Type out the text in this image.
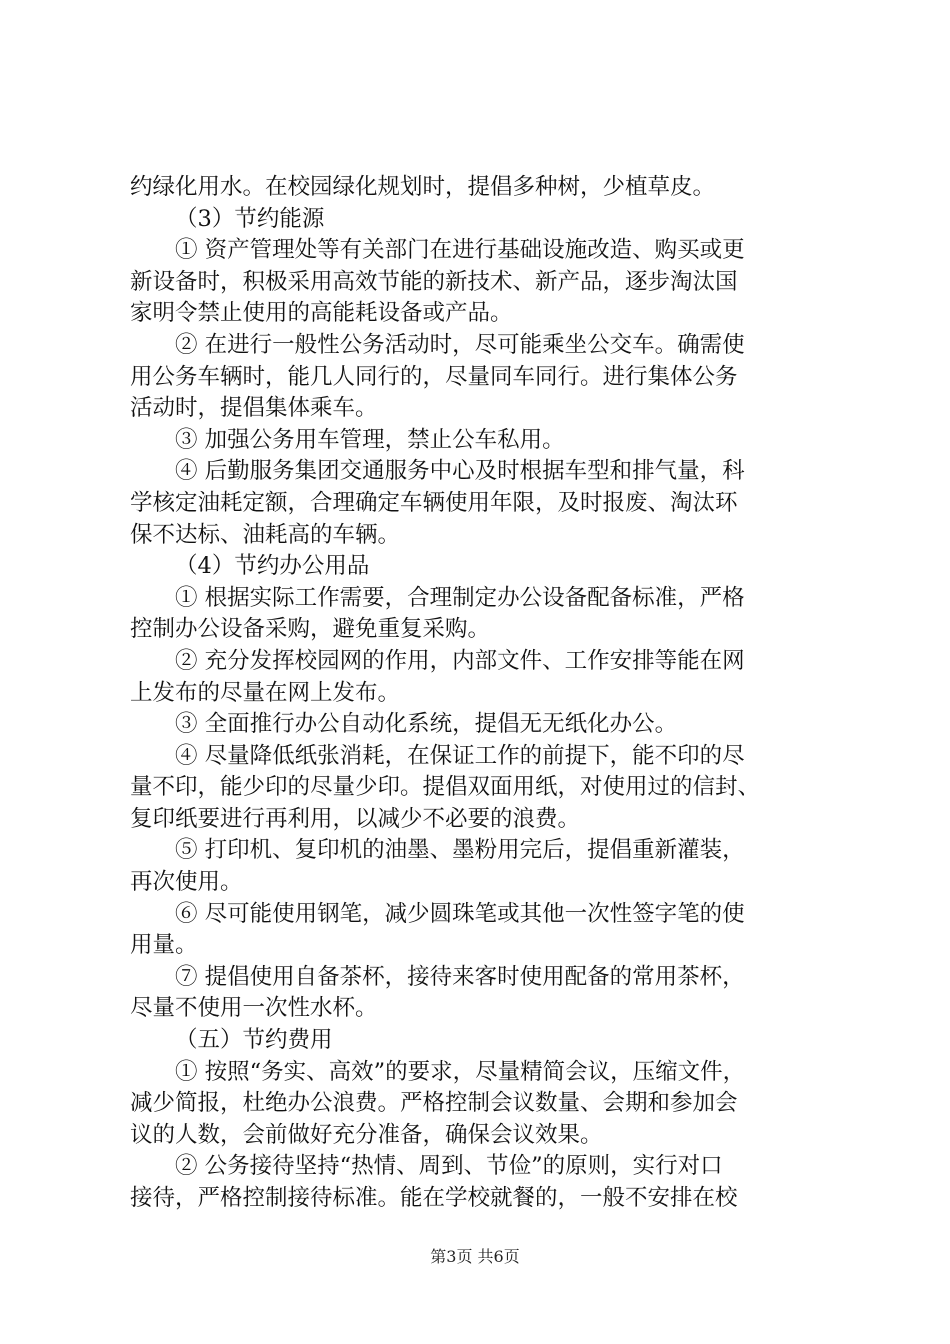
约绿化用水。在校园绿化规划时，提倡多种树，少植草皮。
（3）节约能源
① 资产管理处等有关部门在进行基础设施改造、购买或更
新设备时，积极采用高效节能的新技术、新产品，逐步淘汰国
家明令禁止使用的高能耗设备或产品。
② 在进行一般性公务活动时，尽可能乘坐公交车。确需使
用公务车辆时，能几人同行的，尽量同车同行。进行集体公务
活动时，提倡集体乘车。
③ 加强公务用车管理，禁止公车私用。
④ 后勤服务集团交通服务中心及时根据车型和排气量，科
学核定油耗定额，合理确定车辆使用年限，及时报废、淘汰环
保不达标、油耗高的车辆。
（4）节约办公用品
① 根据实际工作需要，合理制定办公设备配备标准，严格
控制办公设备采购，避免重复采购。
② 充分发挥校园网的作用，内部文件、工作安排等能在网
上发布的尽量在网上发布。
③ 全面推行办公自动化系统，提倡无无纸化办公。
④ 尽量降低纸张消耗，在保证工作的前提下，能不印的尽
量不印，能少印的尽量少印。提倡双面用纸，对使用过的信封、
复印纸要进行再利用，以减少不必要的浪费。
⑤ 打印机、复印机的油墨、墨粉用完后，提倡重新灌装，
再次使用。
⑥ 尽可能使用钢笔，减少圆珠笔或其他一次性签字笔的使
用量。
⑦ 提倡使用自备茶杯，接待来客时使用配备的常用茶杯，
尽量不使用一次性水杯。
（五）节约费用
① 按照“务实、高效”的要求，尽量精简会议，压缩文件，
减少简报，杜绝办公浪费。严格控制会议数量、会期和参加会
议的人数，会前做好充分准备，确保会议效果。
② 公务接待坚持“热情、周到、节俭”的原则，实行对口
接待，严格控制接待标准。能在学校就餐的，一般不安排在校
第3页 共6页
